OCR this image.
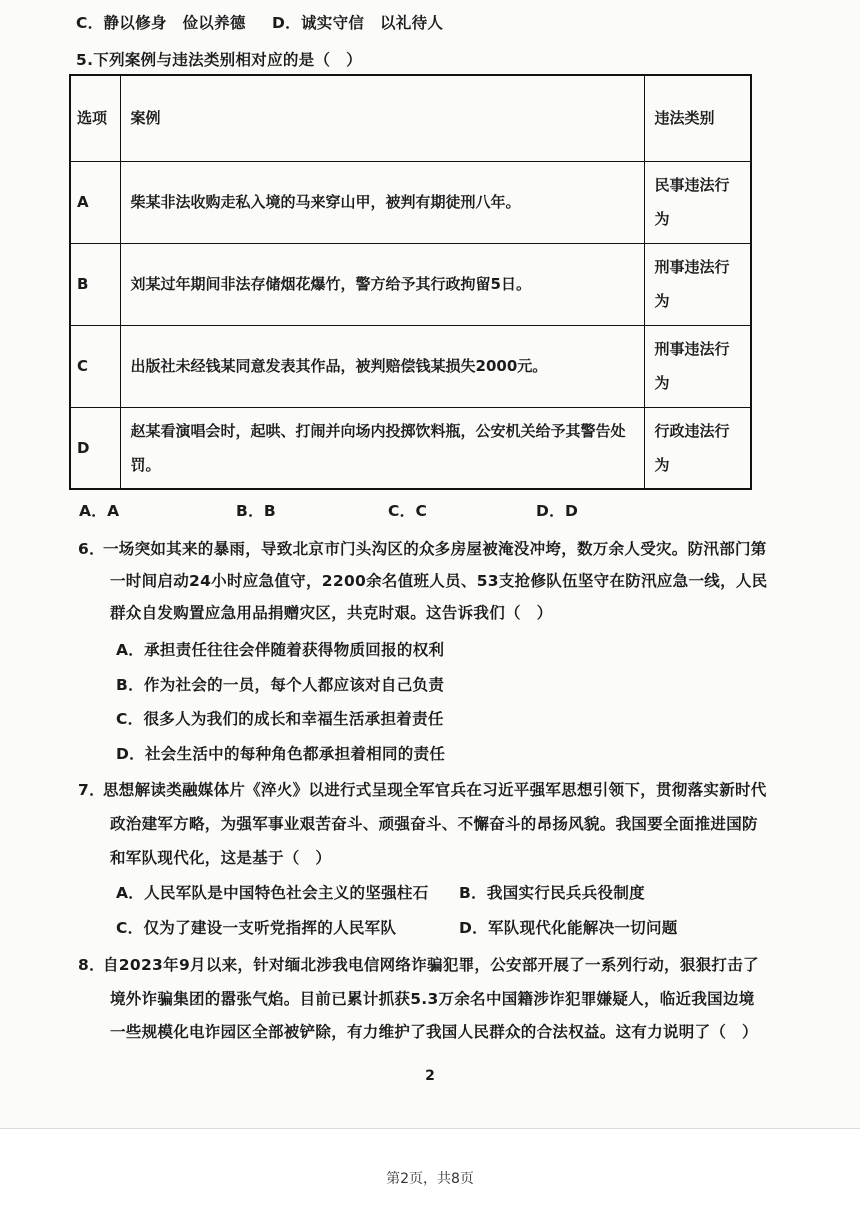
C．静以修身　俭以养德 D．诚实守信　以礼待人
5.下列案例与违法类别相对应的是（　）
选项	案例	违法类别
A	柴某非法收购走私入境的马来穿山甲，被判有期徒刑八年。	民事违法行为
B	刘某过年期间非法存储烟花爆竹，警方给予其行政拘留5日。	刑事违法行为
C	出版社未经钱某同意发表其作品，被判赔偿钱某损失2000元。	刑事违法行为
D	赵某看演唱会时，起哄、打闹并向场内投掷饮料瓶，公安机关给予其警告处罚。	行政违法行为
A．A	B．B	C．C	D．D
6．
一场突如其来的暴雨，导致北京市门头沟区的众多房屋被淹没冲垮，数万余人受灾。防汛部门第
一时间启动24小时应急值守，2200余名值班人员、53支抢修队伍坚守在防汛应急一线，人民
群众自发购置应急用品捐赠灾区，共克时艰。这告诉我们（　）
A．承担责任往往会伴随着获得物质回报的权利
B．作为社会的一员，每个人都应该对自己负责
C．很多人为我们的成长和幸福生活承担着责任
D．社会生活中的每种角色都承担着相同的责任
7．
思想解读类融媒体片《淬火》以进行式呈现全军官兵在习近平强军思想引领下，贯彻落实新时代
政治建军方略，为强军事业艰苦奋斗、顽强奋斗、不懈奋斗的昂扬风貌。我国要全面推进国防
和军队现代化，这是基于（　）
A．人民军队是中国特色社会主义的坚强柱石 B．我国实行民兵兵役制度
C．仅为了建设一支听党指挥的人民军队	D．军队现代化能解决一切问题
8．
自2023年9月以来，针对缅北涉我电信网络诈骗犯罪，公安部开展了一系列行动，狠狠打击了
境外诈骗集团的嚣张气焰。目前已累计抓获5.3万余名中国籍涉诈犯罪嫌疑人，临近我国边境
一些规模化电诈园区全部被铲除，有力维护了我国人民群众的合法权益。这有力说明了（　）
2
第2页，共8页
